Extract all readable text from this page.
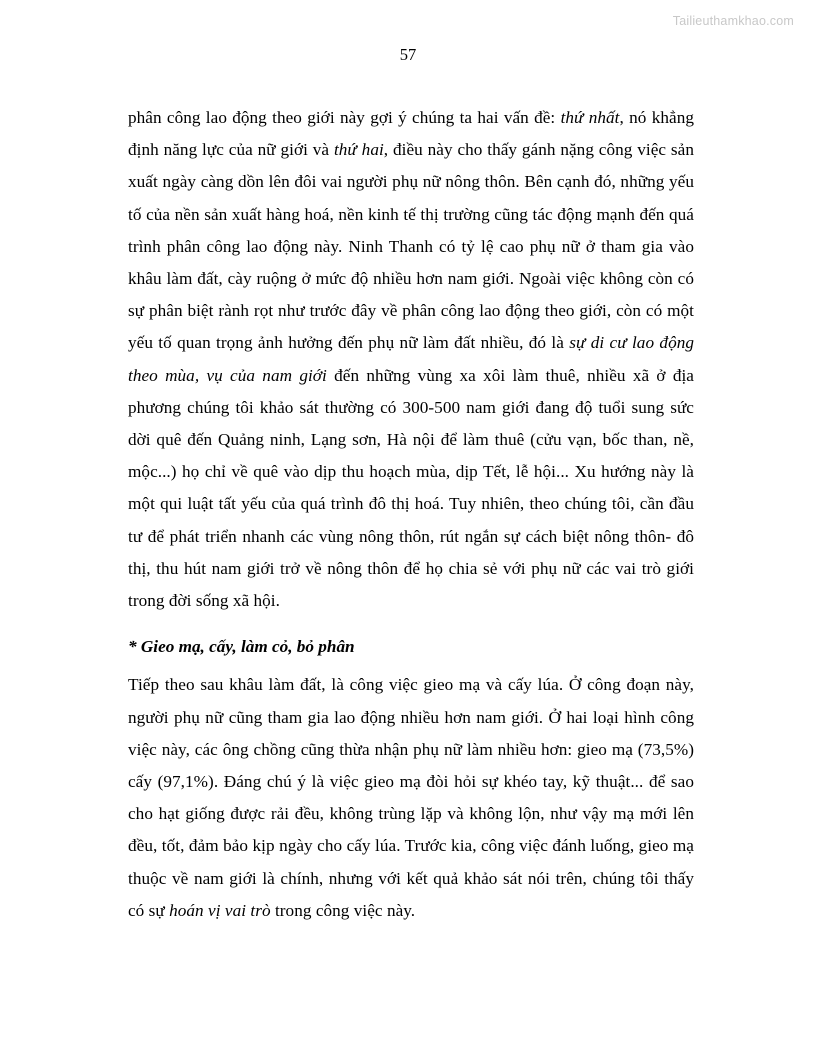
Tailieuthamkhao.com
57

phân công lao động theo giới này gợi ý chúng ta hai vấn đề: thứ nhất, nó khẳng định năng lực của nữ giới và thứ hai, điều này cho thấy gánh nặng công việc sản xuất ngày càng dồn lên đôi vai người phụ nữ nông thôn. Bên cạnh đó, những yếu tố của nền sản xuất hàng hoá, nền kinh tế thị trường cũng tác động mạnh đến quá trình phân công lao động này. Ninh Thanh có tỷ lệ cao phụ nữ ở tham gia vào khâu làm đất, cày ruộng ở mức độ nhiều hơn nam giới. Ngoài việc không còn có sự phân biệt rành rọt như trước đây về phân công lao động theo giới, còn có một yếu tố quan trọng ảnh hưởng đến phụ nữ làm đất nhiều, đó là sự di cư lao động theo mùa, vụ của nam giới đến những vùng xa xôi làm thuê, nhiều xã ở địa phương chúng tôi khảo sát thường có 300-500 nam giới đang độ tuổi sung sức dời quê đến Quảng ninh, Lạng sơn, Hà nội để làm thuê (cửu vạn, bốc than, nề, mộc...) họ chỉ về quê vào dịp thu hoạch mùa, dịp Tết, lễ hội... Xu hướng này là một qui luật tất yếu của quá trình đô thị hoá. Tuy nhiên, theo chúng tôi, cần đầu tư để phát triển nhanh các vùng nông thôn, rút ngắn sự cách biệt nông thôn- đô thị, thu hút nam giới trở về nông thôn để họ chia sẻ với phụ nữ các vai trò giới trong đời sống xã hội.

* Gieo mạ, cấy, làm cỏ, bỏ phân

Tiếp theo sau khâu làm đất, là công việc gieo mạ và cấy lúa. Ở công đoạn này, người phụ nữ cũng tham gia lao động nhiều hơn nam giới. Ở hai loại hình công việc này, các ông chồng cũng thừa nhận phụ nữ làm nhiều hơn: gieo mạ (73,5%) cấy (97,1%). Đáng chú ý là việc gieo mạ đòi hỏi sự khéo tay, kỹ thuật... để sao cho hạt giống được rải đều, không trùng lặp và không lộn, như vậy mạ mới lên đều, tốt, đảm bảo kịp ngày cho cấy lúa. Trước kia, công việc đánh luống, gieo mạ thuộc về nam giới là chính, nhưng với kết quả khảo sát nói trên, chúng tôi thấy có sự hoán vị vai trò trong công việc này.
